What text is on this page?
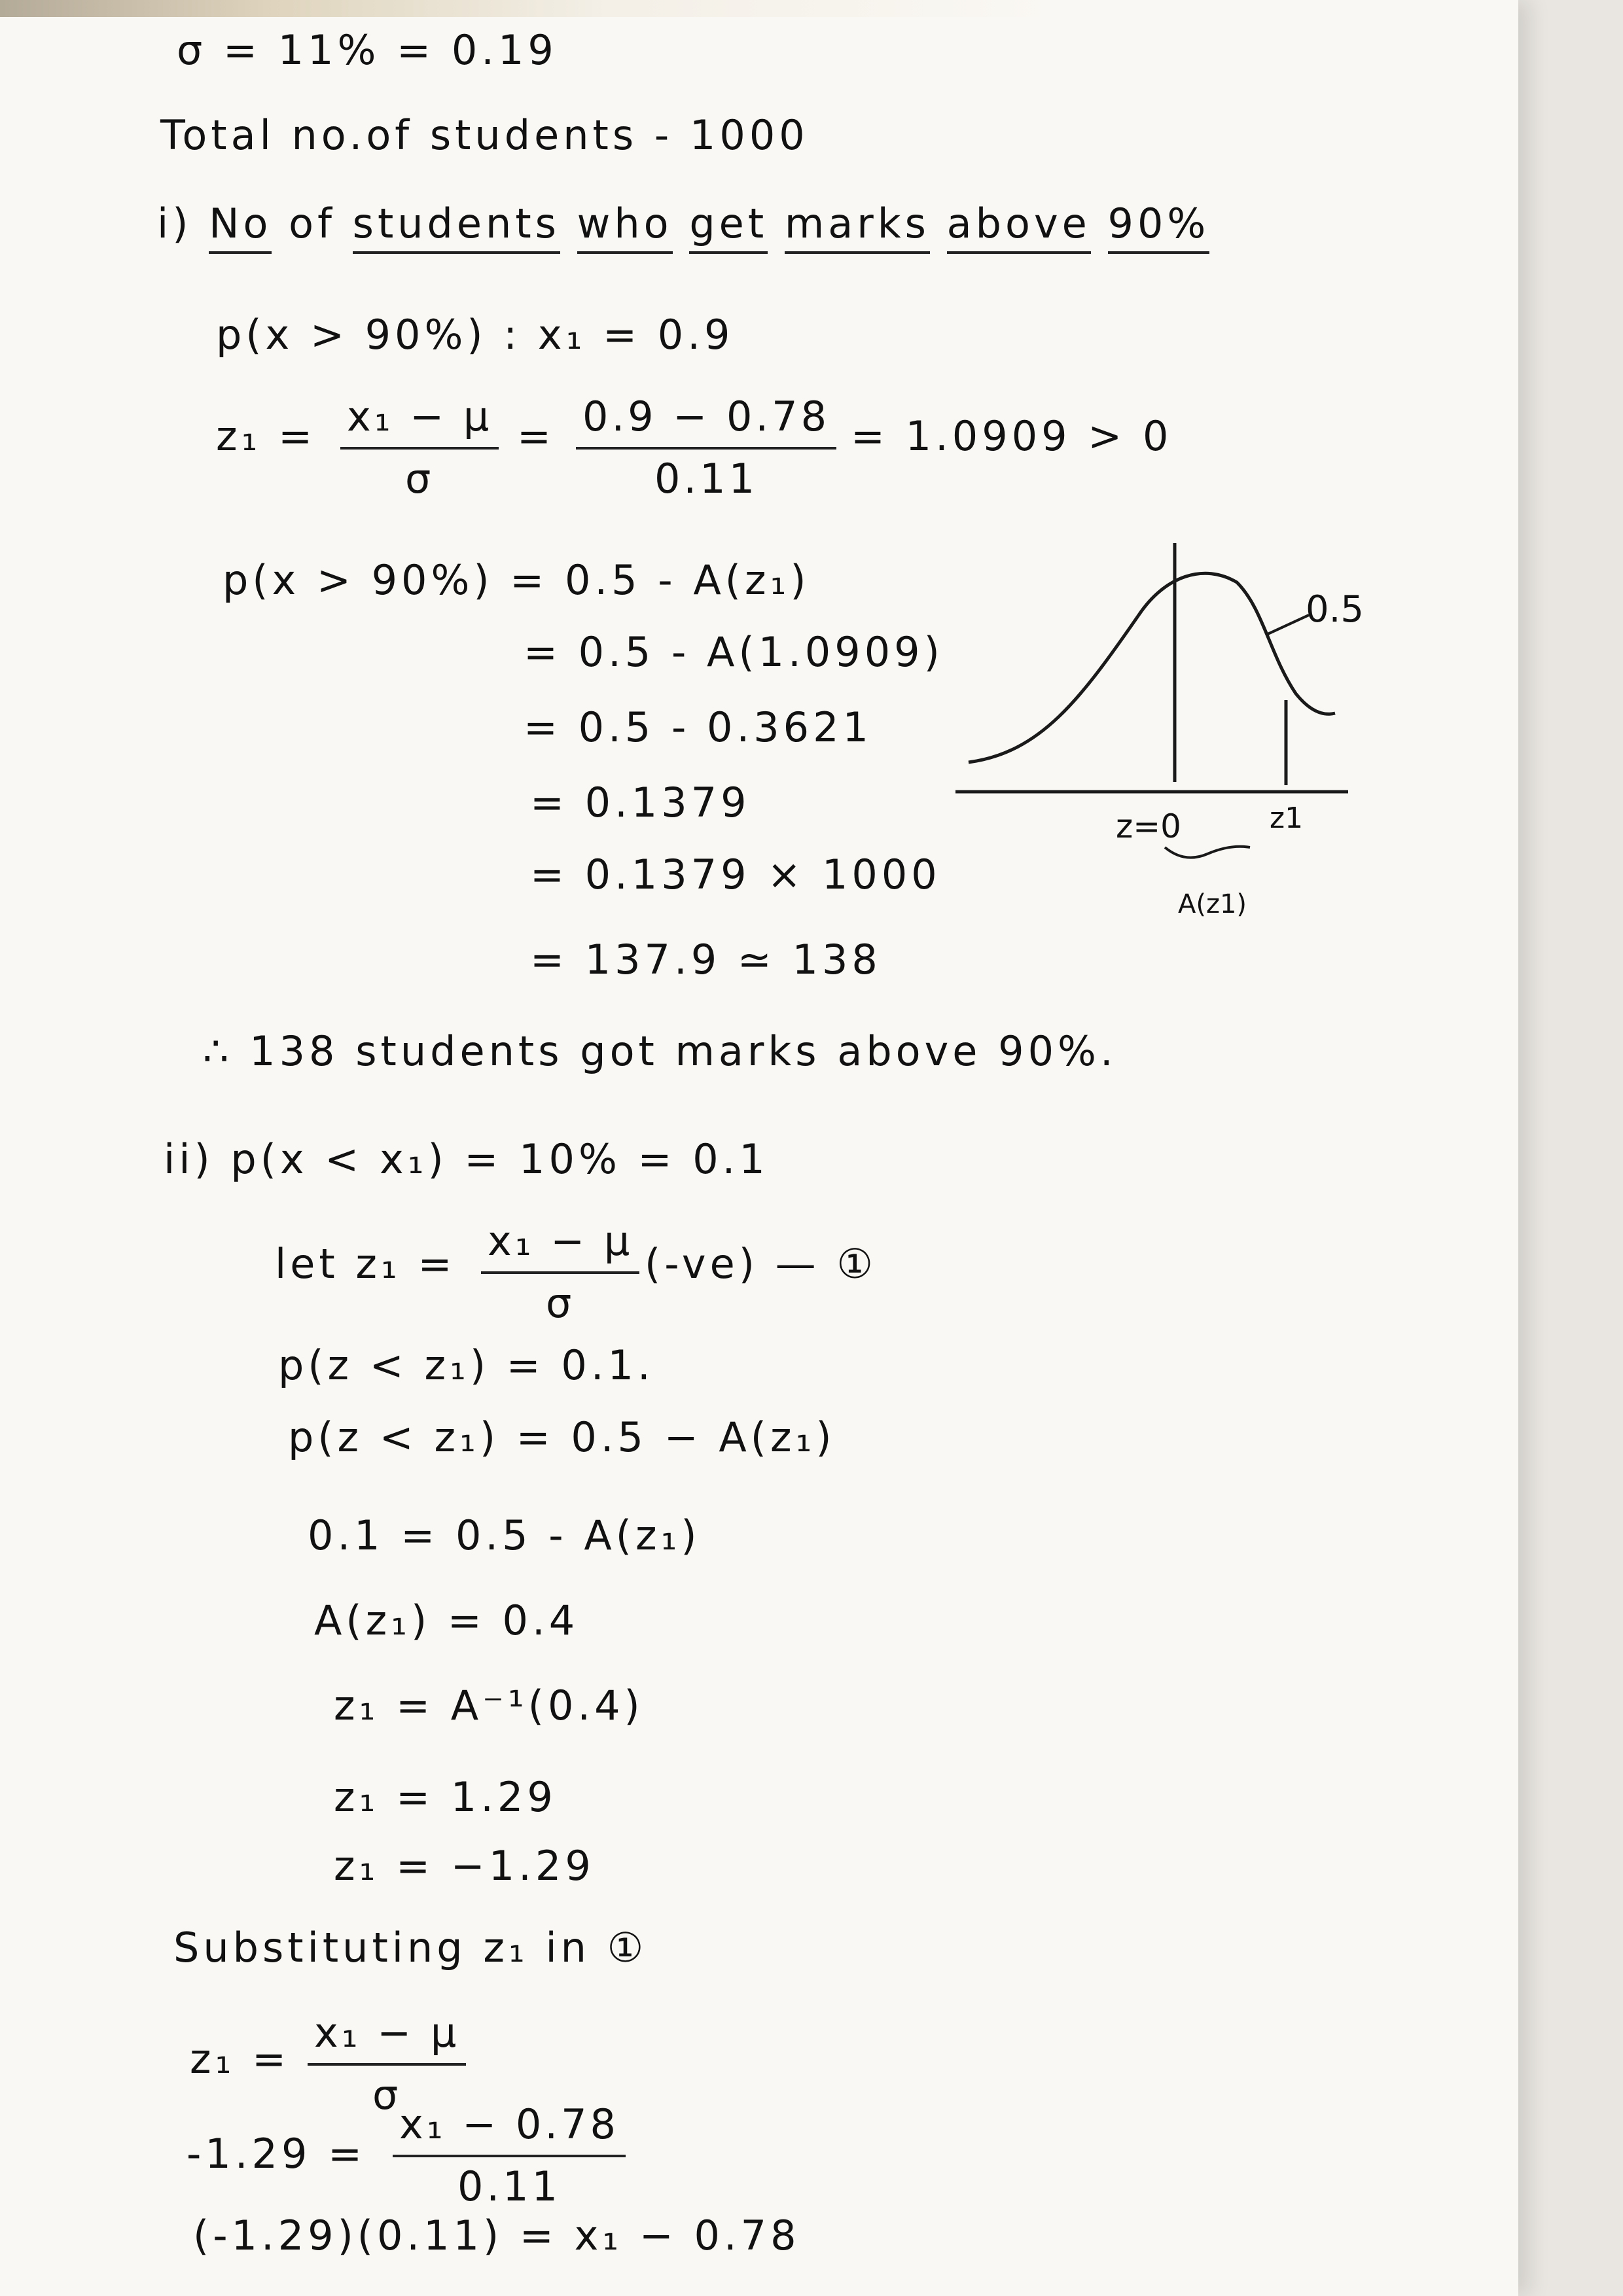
σ = 11% = 0.19
Total no.of students - 1000
i) No of students who get marks above 90%
p(x > 90%) : x₁ = 0.9
z₁ = x₁ − μ
σ
= 0.9 − 0.78
0.11
= 1.0909 > 0
p(x > 90%) = 0.5 - A(z₁)
= 0.5 - A(1.0909)
= 0.5 - 0.3621
= 0.1379
= 0.1379 × 1000
= 137.9 ≃ 138
0.5
z=0	z1
A(z1)
∴ 138 students got marks above 90%.
ii) p(x < x₁) = 10% = 0.1
let z₁ = x₁ − μ
σ
(-ve) — ①
p(z < z₁) = 0.1.
p(z < z₁) = 0.5 − A(z₁)
0.1 = 0.5 - A(z₁)
A(z₁) = 0.4
z₁ = A⁻¹(0.4)
z₁ = 1.29
z₁ = −1.29
Substituting z₁ in ①
z₁ =
x₁ − μ
σ
-1.29 =
x₁ − 0.78
0.11
(-1.29)(0.11) = x₁ − 0.78
